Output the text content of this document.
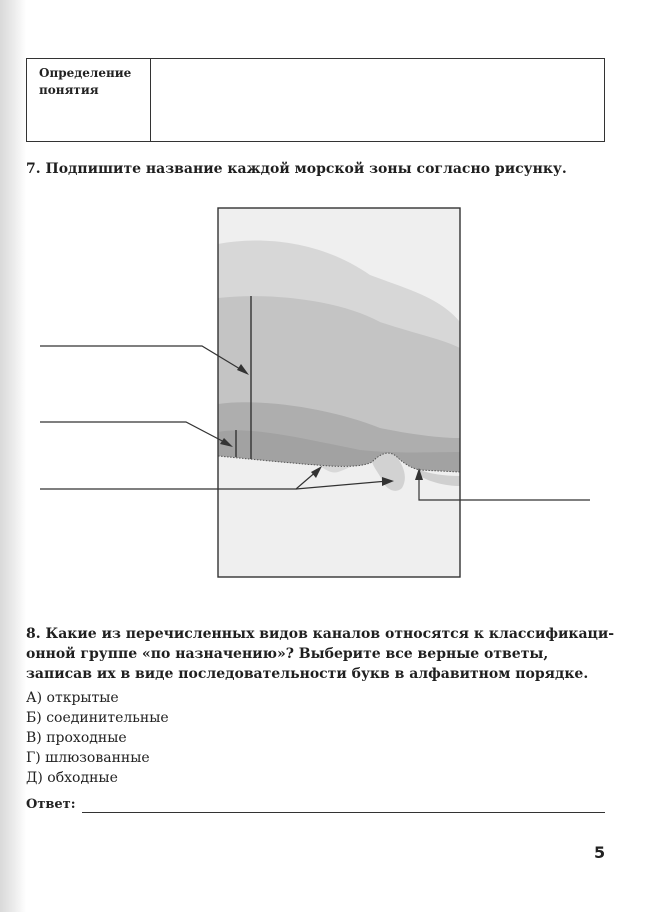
Определение понятия
7. Подпишите название каждой морской зоны согласно рисунку.
8. Какие из перечисленных видов каналов относятся к классификаци-онной группе «по назначению»? Выберите все верные ответы, записав их в виде последовательности букв в алфавитном порядке.
А) открытые
Б) соединительные
В) проходные
Г) шлюзованные
Д) обходные
Ответ:
5
